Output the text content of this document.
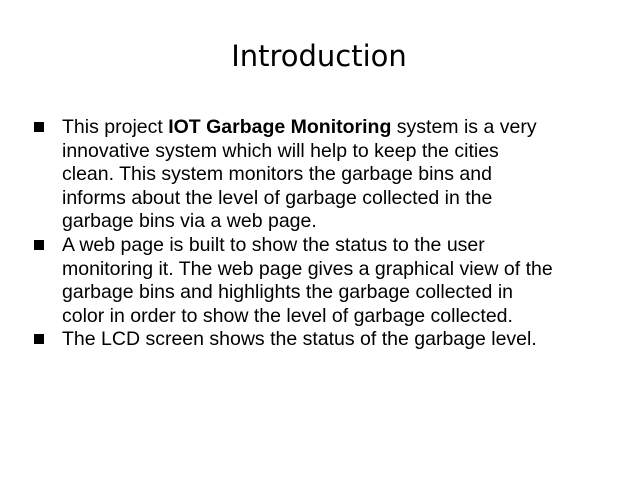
Introduction
This project IOT Garbage Monitoring system is a very
innovative system which will help to keep the cities
clean. This system monitors the garbage bins and
informs about the level of garbage collected in the
garbage bins via a web page.
A web page is built to show the status to the user
monitoring it. The web page gives a graphical view of the
garbage bins and highlights the garbage collected in
color in order to show the level of garbage collected.
The LCD screen shows the status of the garbage level.
